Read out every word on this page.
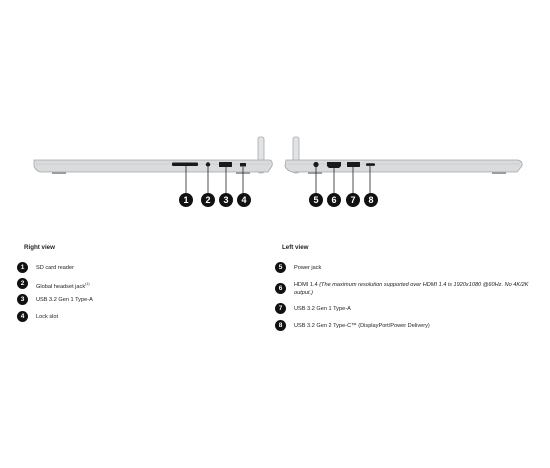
1 2 3 4	5 6 7 8
Right view
1	SD card reader
2	Global headset jack$^{(1)}$
3	USB 3.2 Gen 1 Type-A
4	Lock slot
Left view
5	Power jack
6	HDMI 1.4 (The maximum resolution supported over HDMI 1.4 is 1920x1080 @60Hz. No 4K/2K output.)
7	USB 3.2 Gen 1 Type-A
8	USB 3.2 Gen 2 Type-C™ (DisplayPort/Power Delivery)
